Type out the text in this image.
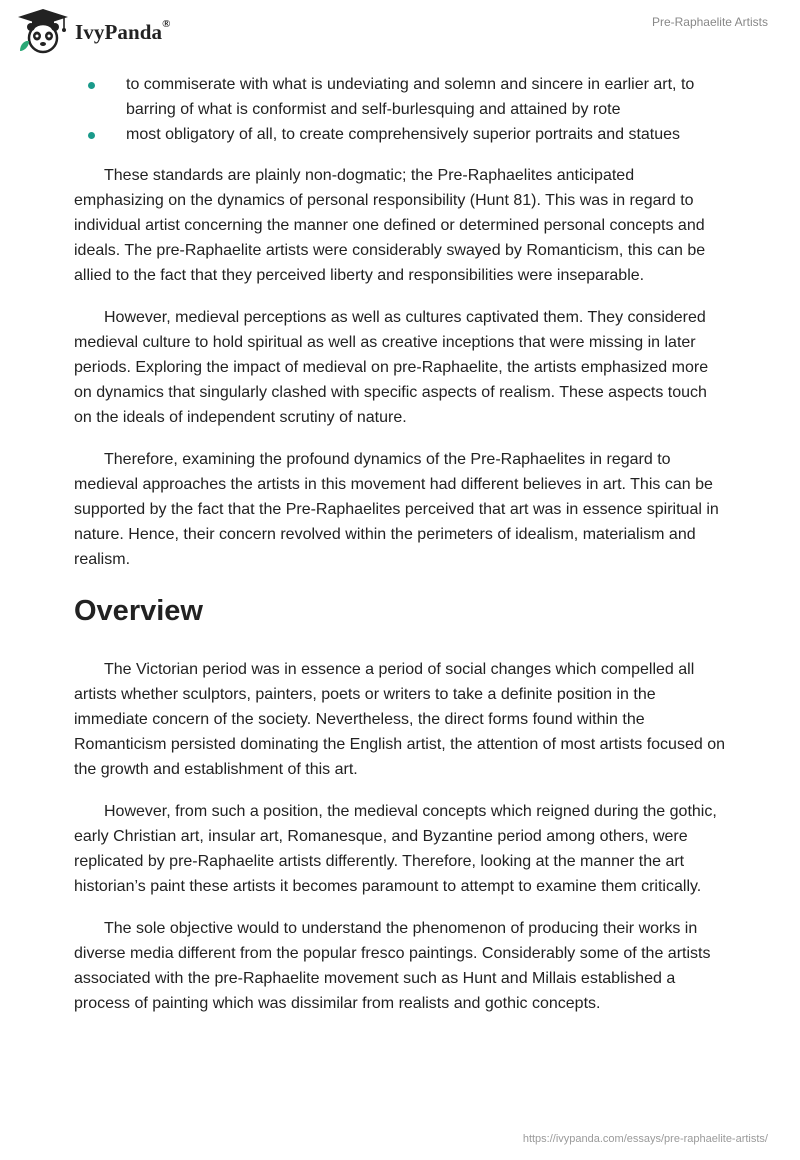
IvyPanda®	Pre-Raphaelite Artists
to commiserate with what is undeviating and solemn and sincere in earlier art, to barring of what is conformist and self-burlesquing and attained by rote
most obligatory of all, to create comprehensively superior portraits and statues

These standards are plainly non-dogmatic; the Pre-Raphaelites anticipated emphasizing on the dynamics of personal responsibility (Hunt 81). This was in regard to individual artist concerning the manner one defined or determined personal concepts and ideals. The pre-Raphaelite artists were considerably swayed by Romanticism, this can be allied to the fact that they perceived liberty and responsibilities were inseparable.

However, medieval perceptions as well as cultures captivated them. They considered medieval culture to hold spiritual as well as creative inceptions that were missing in later periods. Exploring the impact of medieval on pre-Raphaelite, the artists emphasized more on dynamics that singularly clashed with specific aspects of realism. These aspects touch on the ideals of independent scrutiny of nature.

Therefore, examining the profound dynamics of the Pre-Raphaelites in regard to medieval approaches the artists in this movement had different believes in art. This can be supported by the fact that the Pre-Raphaelites perceived that art was in essence spiritual in nature. Hence, their concern revolved within the perimeters of idealism, materialism and realism.

Overview

The Victorian period was in essence a period of social changes which compelled all artists whether sculptors, painters, poets or writers to take a definite position in the immediate concern of the society. Nevertheless, the direct forms found within the Romanticism persisted dominating the English artist, the attention of most artists focused on the growth and establishment of this art.

However, from such a position, the medieval concepts which reigned during the gothic, early Christian art, insular art, Romanesque, and Byzantine period among others, were replicated by pre-Raphaelite artists differently. Therefore, looking at the manner the art historian’s paint these artists it becomes paramount to attempt to examine them critically.

The sole objective would to understand the phenomenon of producing their works in diverse media different from the popular fresco paintings. Considerably some of the artists associated with the pre-Raphaelite movement such as Hunt and Millais established a process of painting which was dissimilar from realists and gothic concepts.

https://ivypanda.com/essays/pre-raphaelite-artists/
